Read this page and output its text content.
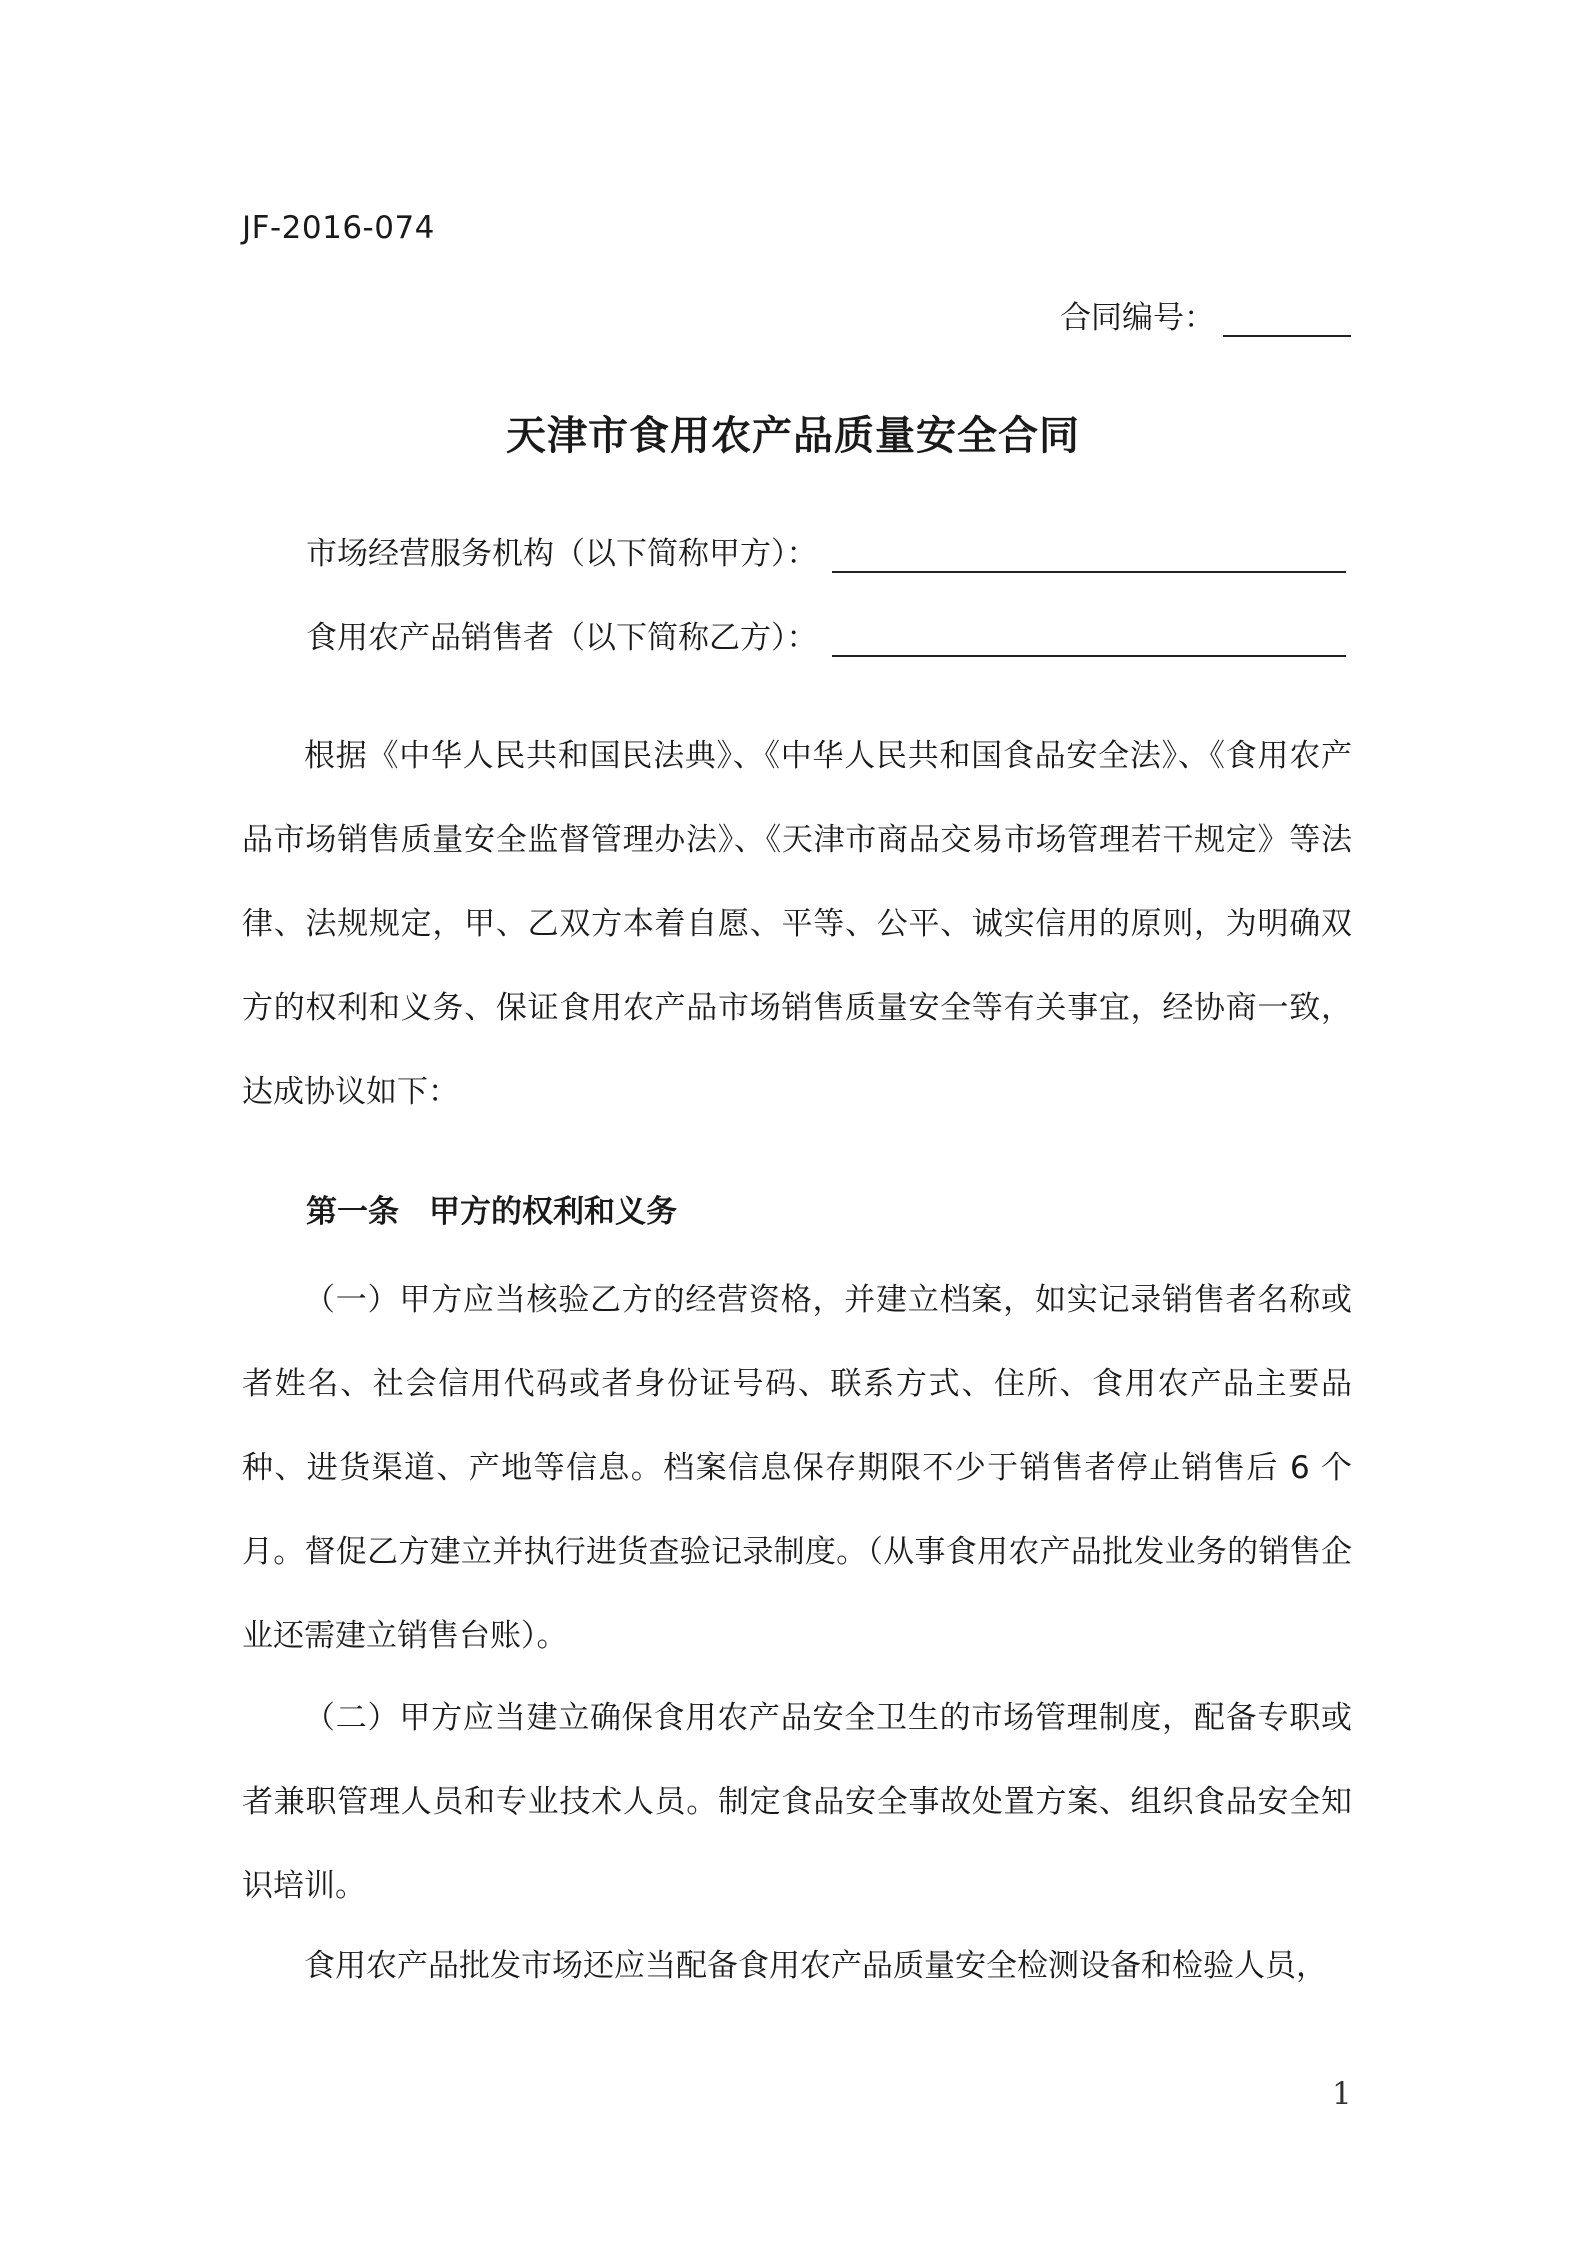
JF-2016-074
合同编号：
天津市食用农产品质量安全合同
市场经营服务机构（以下简称甲方）：
食用农产品销售者（以下简称乙方）：

根据《中华人民共和国民法典》、《中华人民共和国食品安全法》、《食用农产品市场销售质量安全监督管理办法》、《天津市商品交易市场管理若干规定》等法律、法规规定，甲、乙双方本着自愿、平等、公平、诚实信用的原则，为明确双方的权利和义务、保证食用农产品市场销售质量安全等有关事宜，经协商一致，达成协议如下：

第一条 甲方的权利和义务

（一）甲方应当核验乙方的经营资格，并建立档案，如实记录销售者名称或者姓名、社会信用代码或者身份证号码、联系方式、住所、食用农产品主要品种、进货渠道、产地等信息。档案信息保存期限不少于销售者停止销售后 6 个月。督促乙方建立并执行进货查验记录制度。（从事食用农产品批发业务的销售企业还需建立销售台账）。

（二）甲方应当建立确保食用农产品安全卫生的市场管理制度，配备专职或者兼职管理人员和专业技术人员。制定食品安全事故处置方案、组织食品安全知识培训。

食用农产品批发市场还应当配备食用农产品质量安全检测设备和检验人员，

1
